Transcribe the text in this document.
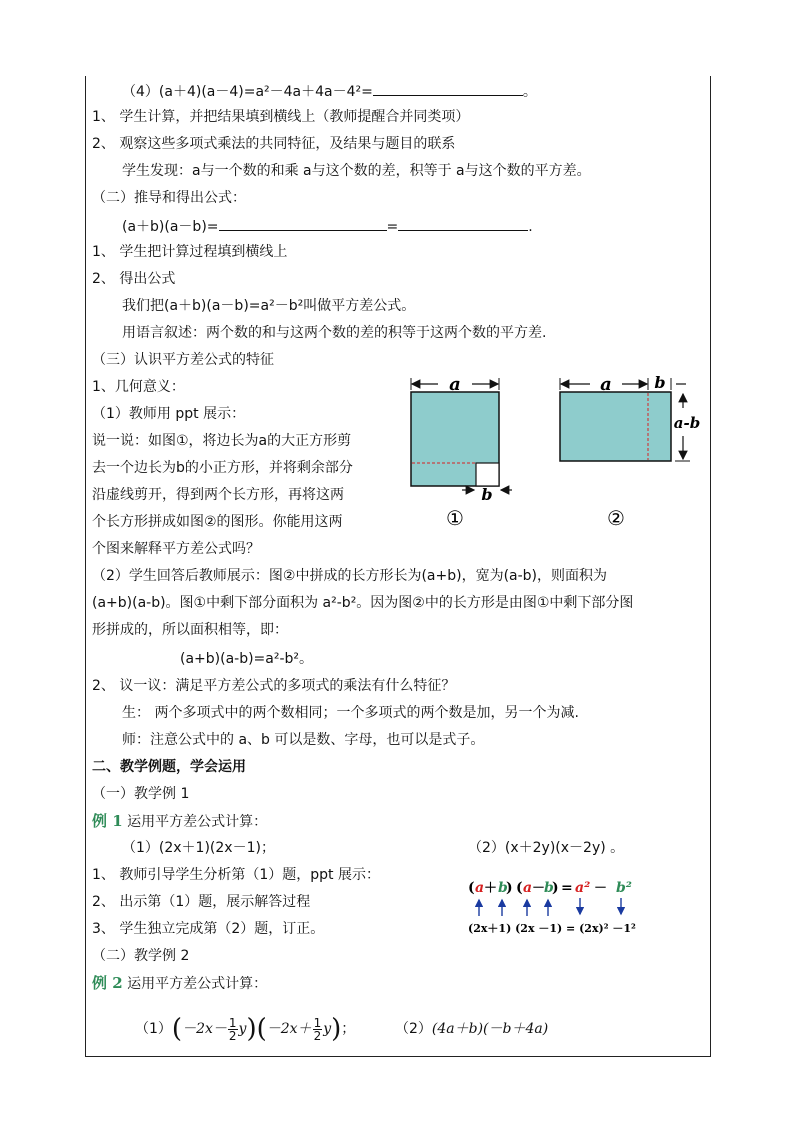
（4）(a＋4)(a－4)=a²－4a＋4a－4²=	。
1、 学生计算，并把结果填到横线上（教师提醒合并同类项）
2、 观察这些多项式乘法的共同特征，及结果与题目的联系
学生发现：a与一个数的和乘 a与这个数的差，积等于 a与这个数的平方差。
（二）推导和得出公式：
(a＋b)(a－b)=	=	.
1、 学生把计算过程填到横线上
2、 得出公式
我们把(a＋b)(a－b)=a²－b²叫做平方差公式。
用语言叙述：两个数的和与这两个数的差的积等于这两个数的平方差.
（三）认识平方差公式的特征
1、几何意义：
（1）教师用 ppt 展示：
说一说：如图①，将边长为a的大正方形剪
去一个边长为b的小正方形，并将剩余部分
沿虚线剪开，得到两个长方形，再将这两
个长方形拼成如图②的图形。你能用这两
个图来解释平方差公式吗？
a
b
①
a	b
a-b
②
（2）学生回答后教师展示：图②中拼成的长方形长为(a+b)，宽为(a-b)，则面积为
(a+b)(a-b)。图①中剩下部分面积为 a²-b²。因为图②中的长方形是由图①中剩下部分图
形拼成的，所以面积相等，即：
(a+b)(a-b)=a²-b²。
2、 议一议：满足平方差公式的多项式的乘法有什么特征？
生： 两个多项式中的两个数相同；一个多项式的两个数是加，另一个为减.
师：注意公式中的 a、b 可以是数、字母，也可以是式子。
二、教学例题，学会运用
（一）教学例 1
例 1 运用平方差公式计算：
（1）(2x＋1)(2x－1)；	（2）(x＋2y)(x－2y) 。
1、 教师引导学生分析第（1）题，ppt 展示：
2、 出示第（1）题，展示解答过程
3、 学生独立完成第（2）题，订正。
( a ＋ b
) ( a －
b
) = a² － b²
(2x＋1) (2x －1) = (2x)² －1²
（二）教学例 2
例 2 运用平方差公式计算：
$(1)(-2x- \frac{1}{2} y)(-2x+ \frac{1}{2} y)$；	（2）(4a＋b)(－b＋4a)
